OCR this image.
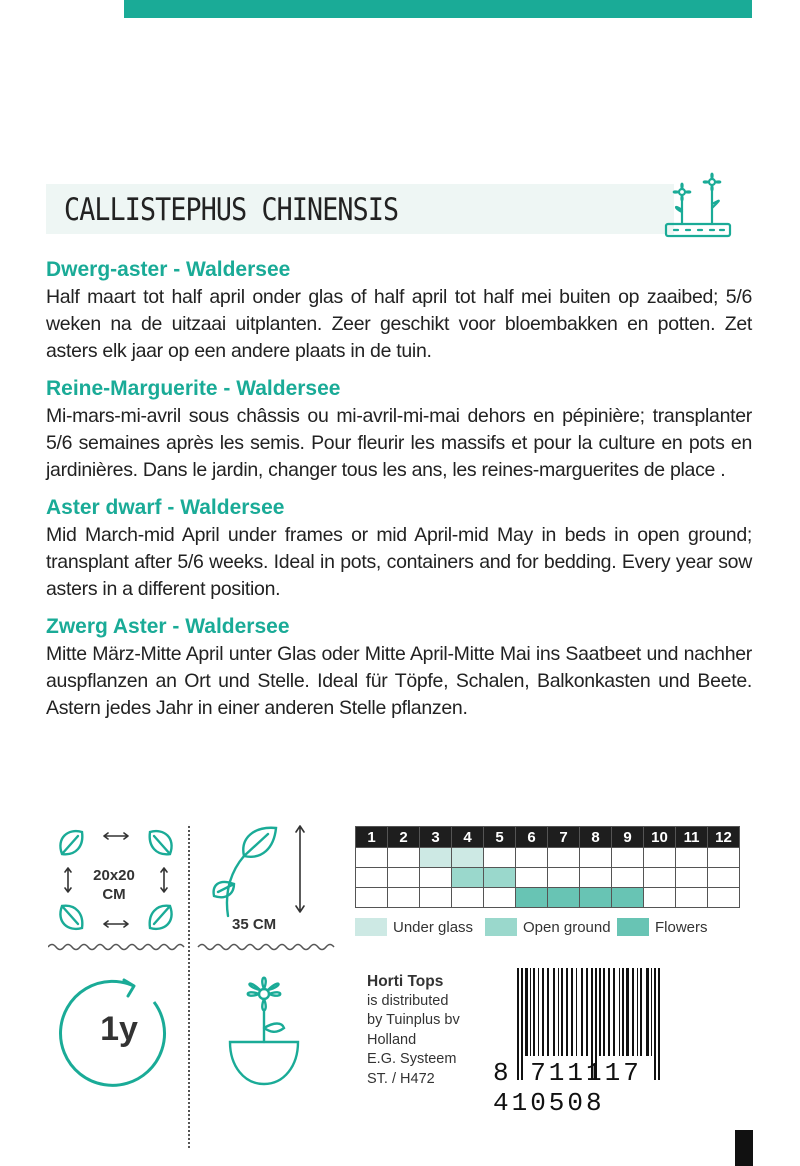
CALLISTEPHUS CHINENSIS
Dwerg-aster - Waldersee

Half maart tot half april onder glas of half april tot half mei buiten op zaaibed; 5/6 weken na de uitzaai uitplanten. Zeer geschikt voor bloembakken en potten. Zet asters elk jaar op een andere plaats in de tuin.

Reine-Marguerite - Waldersee

Mi-mars-mi-avril sous châssis ou mi-avril-mi-mai dehors en pépinière; transplanter 5/6 semaines après les semis. Pour fleurir les massifs et pour la culture en pots en jardinières. Dans le jardin, changer tous les ans, les reines-marguerites de place .

Aster dwarf - Waldersee

Mid March-mid April under frames or mid April-mid May in beds in open ground; transplant after 5/6 weeks. Ideal in pots, containers and for bedding. Every year sow asters in a different position.

Zwerg Aster - Waldersee

Mitte März-Mitte April unter Glas oder Mitte April-Mitte Mai ins Saatbeet und nachher auspflanzen an Ort und Stelle. Ideal für Töpfe, Schalen, Balkonkasten und Beete. Astern jedes Jahr in einer anderen Stelle pflanzen.

20x20 CM
35 CM
1y
1	2	3	4	5	6	7	8	9	10	11	12

Under glass	Open ground	Flowers
Horti Tops
is distributed
by Tuinplus bv
Holland
E.G. Systeem
ST. / H472	8 711117 410508
